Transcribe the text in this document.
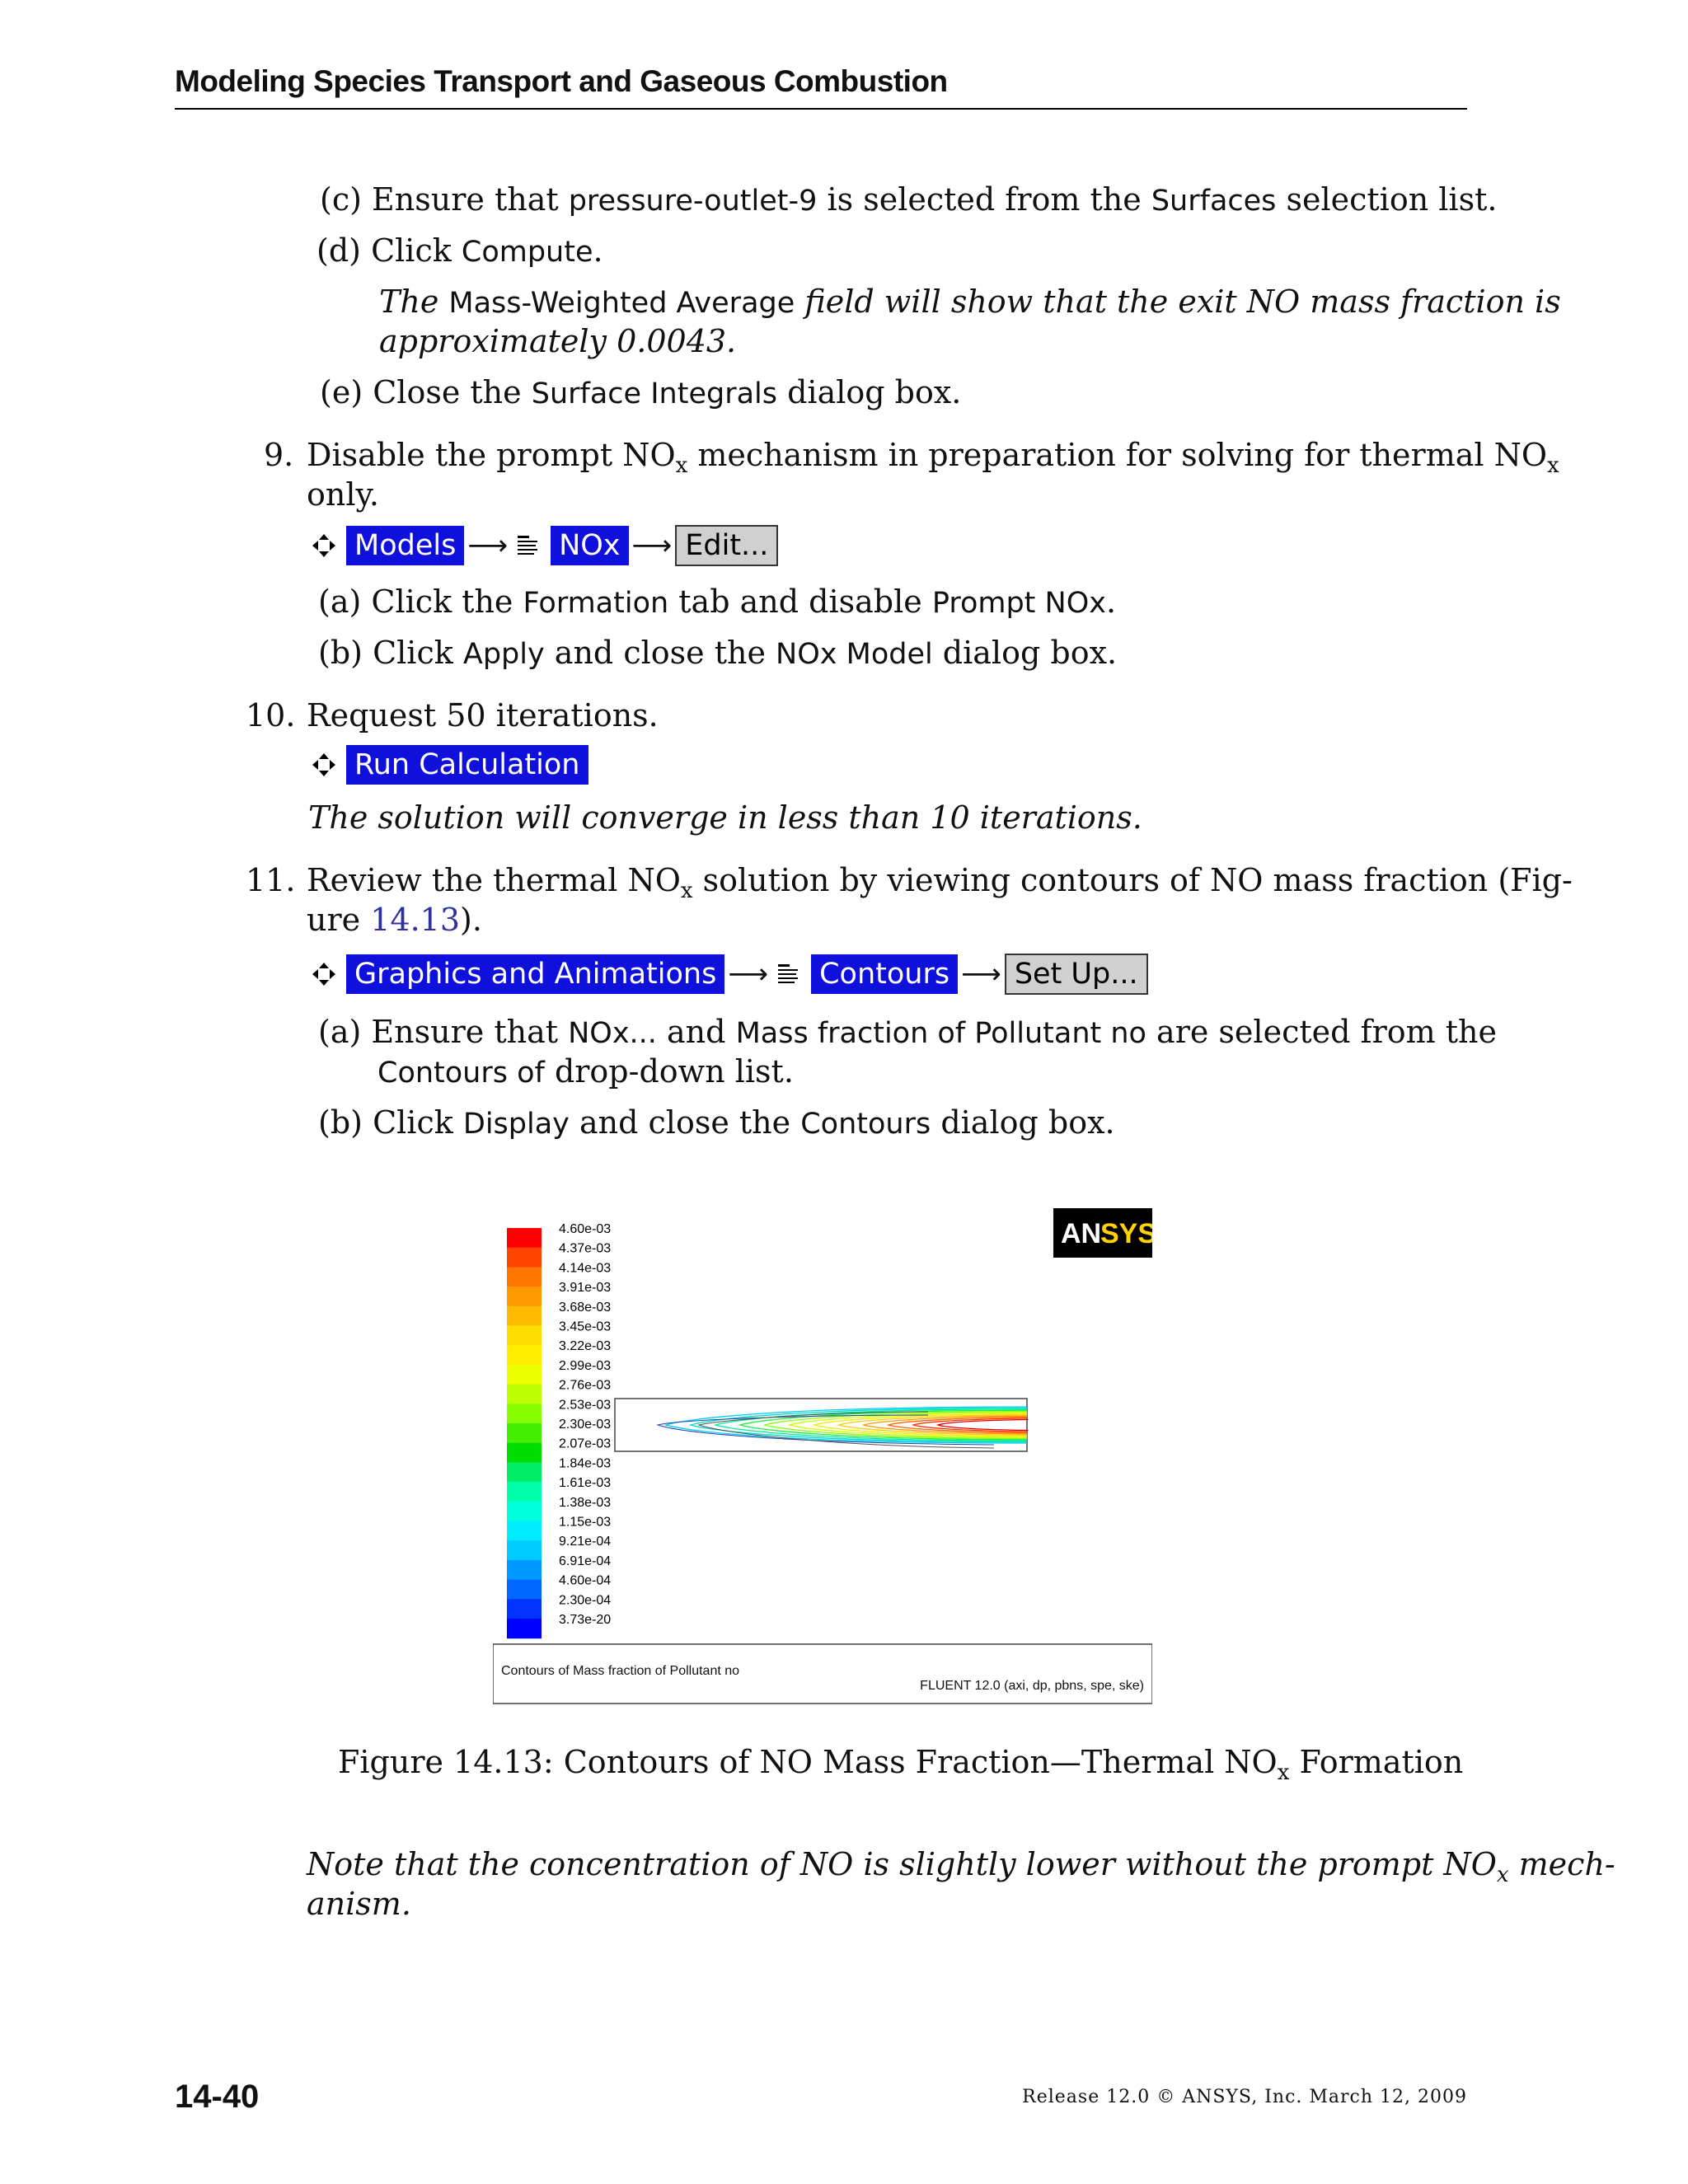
Modeling Species Transport and Gaseous Combustion
(c) Ensure that pressure-outlet-9 is selected from the Surfaces selection list.
(d) Click Compute.
The Mass-Weighted Average field will show that the exit NO mass fraction is
approximately 0.0043.
(e) Close the Surface Integrals dialog box.
9. Disable the prompt $NO_x$ mechanism in preparation for solving for thermal $NO_x$
only.
Models ⟶ NOx ⟶ Edit...
(a) Click the Formation tab and disable Prompt NOx.
(b) Click Apply and close the NOx Model dialog box.
10. Request 50 iterations.
Run Calculation
The solution will converge in less than 10 iterations.
11. Review the thermal $NO_x$ solution by viewing contours of NO mass fraction (Fig-
ure 14.13).
Graphics and Animations ⟶ Contours ⟶ Set Up...
(a) Ensure that NOx... and Mass fraction of Pollutant no are selected from the
Contours of drop-down list.
(b) Click Display and close the Contours dialog box.
4.60e-03
4.37e-03
4.14e-03
3.91e-03
3.68e-03
3.45e-03
3.22e-03
2.99e-03
2.76e-03
2.53e-03
2.30e-03
2.07e-03
1.84e-03
1.61e-03
1.38e-03
1.15e-03
9.21e-04
6.91e-04
4.60e-04
2.30e-04
3.73e-20
AN
SYS
Contours of Mass fraction of Pollutant no
FLUENT 12.0 (axi, dp, pbns, spe, ske)
Figure 14.13: Contours of NO Mass Fraction—Thermal $NO_x$ Formation
Note that the concentration of NO is slightly lower without the prompt $NO_x$ mech-
anism.
14-40	Release 12.0 © ANSYS, Inc. March 12, 2009
